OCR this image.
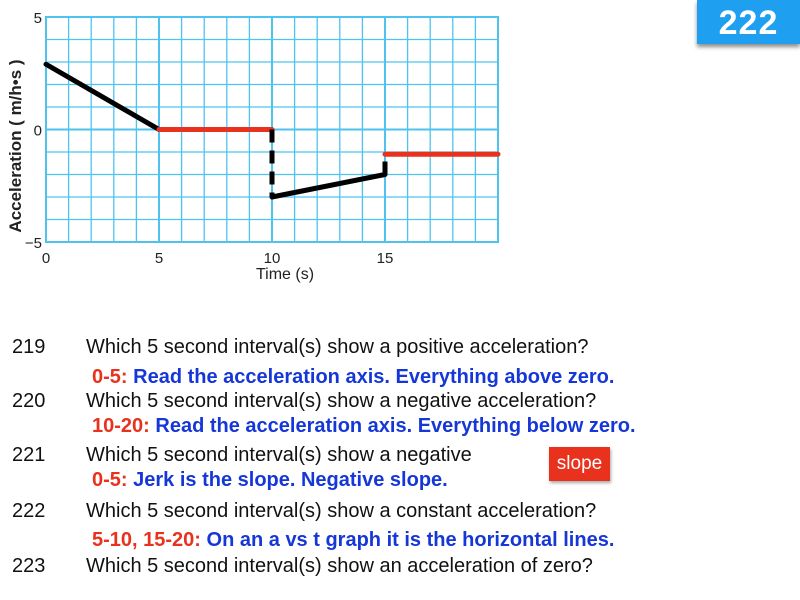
0	5	10	15
5
0
−5
Time (s)
Acceleration ( m/h•s )
222
219 Which 5 second interval(s) show a positive acceleration?
0-5: Read the acceleration axis. Everything above zero.
220 Which 5 second interval(s) show a negative acceleration?
10-20: Read the acceleration axis. Everything below zero.
221 Which 5 second interval(s) show a negative
0-5: Jerk is the slope. Negative slope.
slope
222 Which 5 second interval(s) show a constant acceleration?
5-10, 15-20: On an a vs t graph it is the horizontal lines.
223 Which 5 second interval(s) show an acceleration of zero?
